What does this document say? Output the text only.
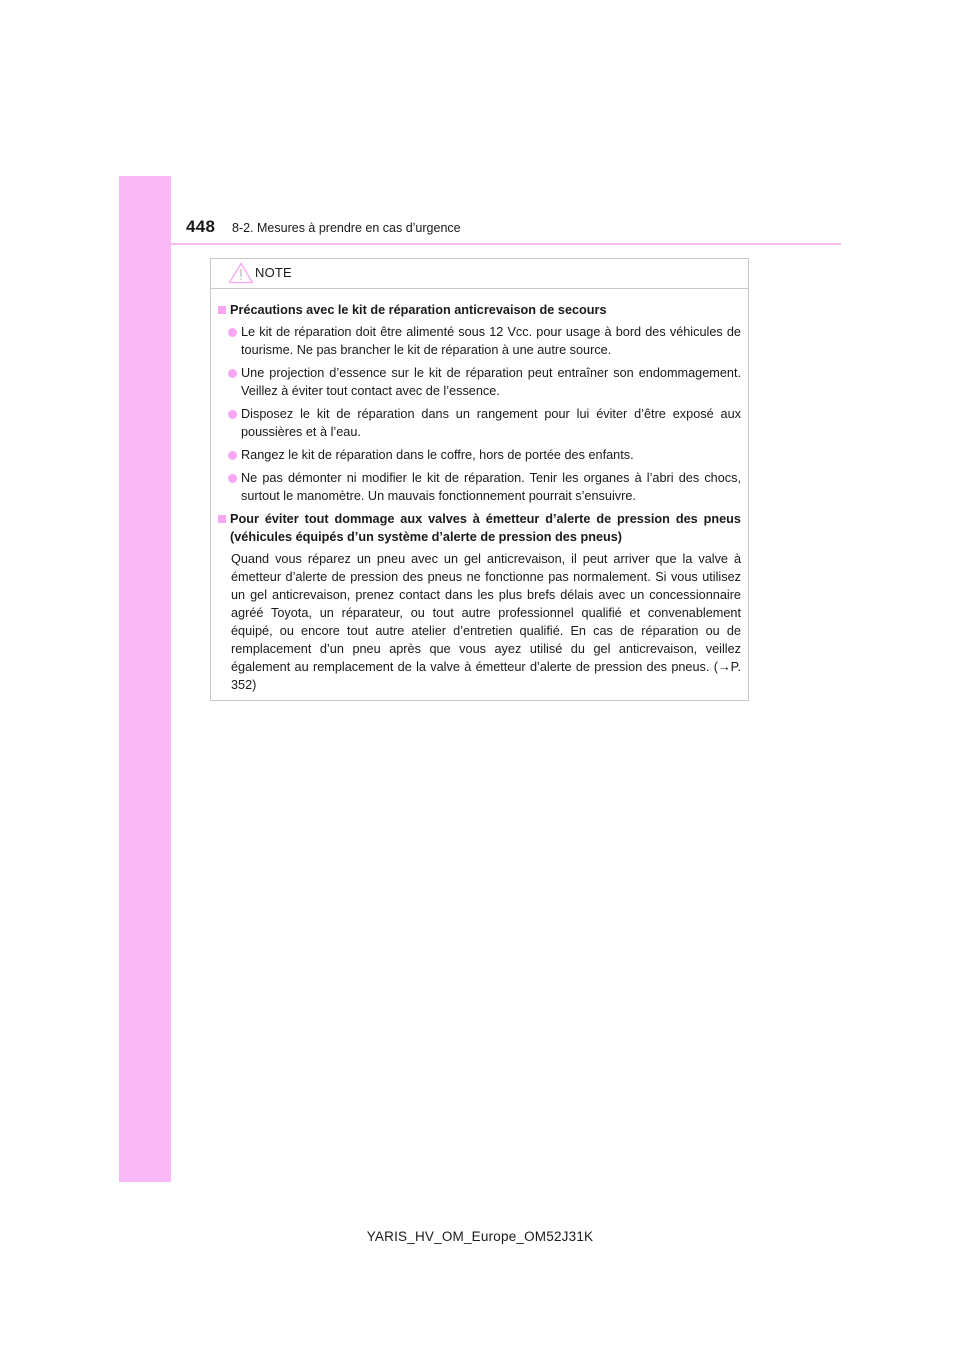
448 8-2. Mesures à prendre en cas d’urgence
NOTE
Précautions avec le kit de réparation anticrevaison de secours
Le kit de réparation doit être alimenté sous 12 Vcc. pour usage à bord des véhicules de tourisme. Ne pas brancher le kit de réparation à une autre source.
Une projection d’essence sur le kit de réparation peut entraîner son endommagement. Veillez à éviter tout contact avec de l’essence.
Disposez le kit de réparation dans un rangement pour lui éviter d’être exposé aux poussières et à l’eau.
Rangez le kit de réparation dans le coffre, hors de portée des enfants.
Ne pas démonter ni modifier le kit de réparation. Tenir les organes à l’abri des chocs, surtout le manomètre. Un mauvais fonctionnement pourrait s’ensuivre.
Pour éviter tout dommage aux valves à émetteur d’alerte de pression des pneus (véhicules équipés d’un système d’alerte de pression des pneus)
Quand vous réparez un pneu avec un gel anticrevaison, il peut arriver que la valve à émetteur d’alerte de pression des pneus ne fonctionne pas normalement. Si vous utilisez un gel anticrevaison, prenez contact dans les plus brefs délais avec un concessionnaire agréé Toyota, un réparateur, ou tout autre professionnel qualifié et convenablement équipé, ou encore tout autre atelier d’entretien qualifié. En cas de réparation ou de remplacement d’un pneu après que vous ayez utilisé du gel anticrevaison, veillez également au remplacement de la valve à émetteur d’alerte de pression des pneus. (→P. 352)
YARIS_HV_OM_Europe_OM52J31K
